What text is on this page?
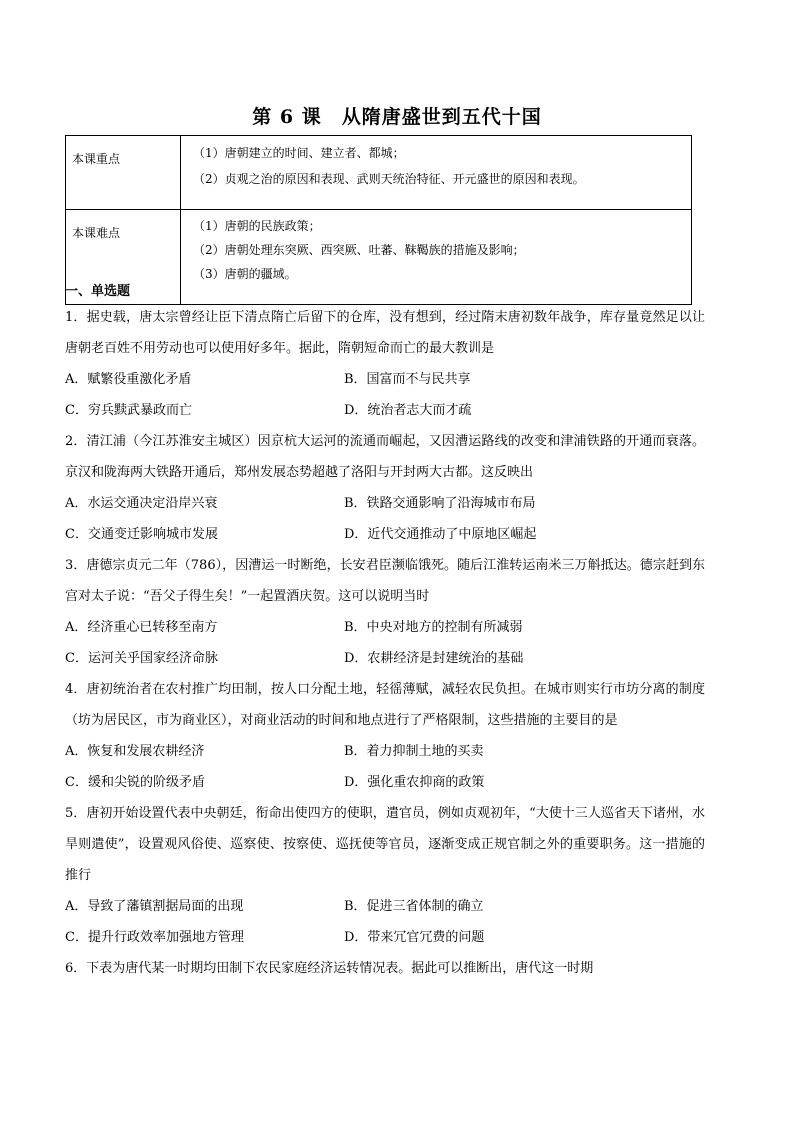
第 6 课　从隋唐盛世到五代十国
本课重点	（1）唐朝建立的时间、建立者、都城；
（2）贞观之治的原因和表现、武则天统治特征、开元盛世的原因和表现。

本课难点	（1）唐朝的民族政策；
（2）唐朝处理东突厥、西突厥、吐蕃、靺鞨族的措施及影响；
（3）唐朝的疆域。
一、单选题
1．据史载，唐太宗曾经让臣下清点隋亡后留下的仓库，没有想到，经过隋末唐初数年战争，库存量竟然足以让唐朝老百姓不用劳动也可以使用好多年。据此，隋朝短命而亡的最大教训是
A．赋繁役重激化矛盾	B．国富而不与民共享
C．穷兵黩武暴政而亡	D．统治者志大而才疏
2．清江浦（今江苏淮安主城区）因京杭大运河的流通而崛起，又因漕运路线的改变和津浦铁路的开通而衰落。京汉和陇海两大铁路开通后，郑州发展态势超越了洛阳与开封两大古都。这反映出
A．水运交通决定沿岸兴衰	B．铁路交通影响了沿海城市布局
C．交通变迁影响城市发展	D．近代交通推动了中原地区崛起
3．唐德宗贞元二年（786），因漕运一时断绝，长安君臣濒临饿死。随后江淮转运南米三万斛抵达。德宗赶到东宫对太子说：“吾父子得生矣！”一起置酒庆贺。这可以说明当时
A．经济重心已转移至南方	B．中央对地方的控制有所减弱
C．运河关乎国家经济命脉	D．农耕经济是封建统治的基础
4．唐初统治者在农村推广均田制，按人口分配土地，轻徭薄赋，减轻农民负担。在城市则实行市坊分离的制度（坊为居民区，市为商业区），对商业活动的时间和地点进行了严格限制，这些措施的主要目的是
A．恢复和发展农耕经济	B．着力抑制土地的买卖
C．缓和尖锐的阶级矛盾	D．强化重农抑商的政策
5．唐初开始设置代表中央朝廷，衔命出使四方的使职，遣官员，例如贞观初年，“大使十三人巡省天下诸州，水旱则遣使”，设置观风俗使、巡察使、按察使、巡抚使等官员，逐渐变成正规官制之外的重要职务。这一措施的推行
A．导致了藩镇割据局面的出现	B．促进三省体制的确立
C．提升行政效率加强地方管理	D．带来冗官冗费的问题
6．下表为唐代某一时期均田制下农民家庭经济运转情况表。据此可以推断出，唐代这一时期
